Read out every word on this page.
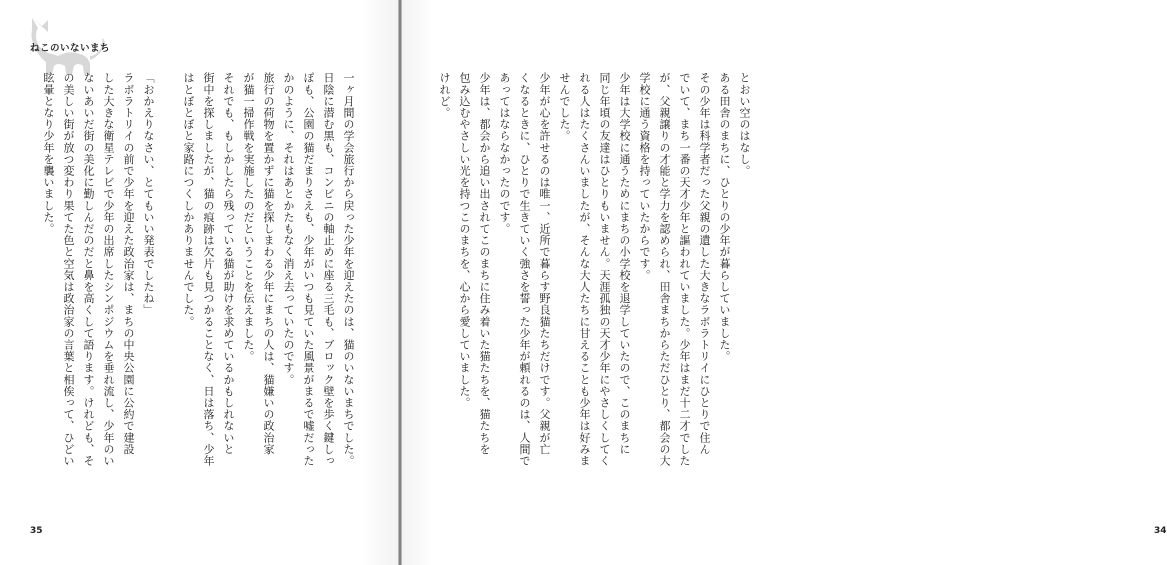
ねこのいないまち

一ヶ月間の学会旅行から戻った少年を迎えたのは、猫のいないまちでした。

日陰に潜む黒も、コンビニの軸止めに座る三毛も、ブロック壁を歩く鍵しっ

ぽも、公園の猫だまりさえも、少年がいつも見ていた風景がまるで嘘だった

かのように、それはあとかたもなく消え去っていたのです。

旅行の荷物を置かずに猫を探しまわる少年にまちの人は、猫嫌いの政治家

が猫一掃作戦を実施したのだということを伝えました。

それでも、もしかしたら残っている猫が助けを求めているかもしれないと

街中を探しましたが、猫の痕跡は欠片も見つかることなく、日は落ち、少年

はとぼとぼと家路につくしかありませんでした。

「おかえりなさい、とてもいい発表でしたね」

ラボラトリイの前で少年を迎えた政治家は、まちの中央公園に公約で建設

した大きな衛星テレビで少年の出席したシンポジウムを垂れ流し、少年のい

ないあいだ街の美化に勤しんだのだと鼻を高くして語ります。けれども、そ

の美しい街が放つ変わり果てた色と空気は政治家の言葉と相俟って、ひどい

眩暈となり少年を襲いました。

35

とおい空のはなし。

ある田舎のまちに、ひとりの少年が暮らしていました。

その少年は科学者だった父親の遺した大きなラボラトリイにひとりで住ん

でいて、まち一番の天才少年と謳われていました。少年はまだ十二才でした

が、父親譲りの才能と学力を認められ、田舎まちからただひとり、都会の大

学校に通う資格を持っていたからです。

少年は大学校に通うためにまちの小学校を退学していたので、このまちに

同じ年頃の友達はひとりもいません。天涯孤独の天才少年にやさしくしてく

れる人はたくさんいましたが、そんな大人たちに甘えることも少年は好みま

せんでした。

少年が心を許せるのは唯一、近所で暮らす野良猫たちだけです。父親が亡

くなるときに、ひとりで生きていく強さを誓った少年が頼れるのは、人間で

あってはならなかったのです。

少年は、都会から追い出されてこのまちに住み着いた猫たちを、猫たちを

包み込むやさしい光を持つこのまちを、心から愛していました。

けれど。

34
